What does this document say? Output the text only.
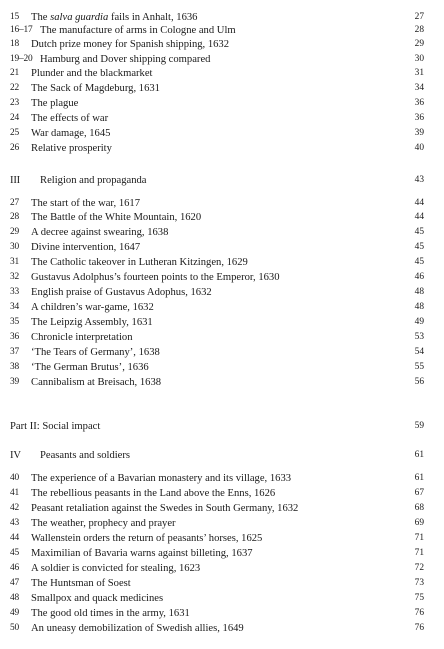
15	The salva guardia fails in Anhalt, 1636	27
16–17 The manufacture of arms in Cologne and Ulm	28
18	Dutch prize money for Spanish shipping, 1632	29
19–20 Hamburg and Dover shipping compared	30
21	Plunder and the blackmarket	31
22	The Sack of Magdeburg, 1631	34
23	The plague	36
24	The effects of war	36
25	War damage, 1645	39
26	Relative prosperity	40
III	Religion and propaganda	43
27	The start of the war, 1617	44
28	The Battle of the White Mountain, 1620	44
29	A decree against swearing, 1638	45
30	Divine intervention, 1647	45
31	The Catholic takeover in Lutheran Kitzingen, 1629	45
32	Gustavus Adolphus’s fourteen points to the Emperor, 1630	46
33	English praise of Gustavus Adophus, 1632	48
34	A children’s war-game, 1632	48
35	The Leipzig Assembly, 1631	49
36	Chronicle interpretation	53
37	‘The Tears of Germany’, 1638	54
38	‘The German Brutus’, 1636	55
39	Cannibalism at Breisach, 1638	56
Part II: Social impact	59
IV	Peasants and soldiers	61
40	The experience of a Bavarian monastery and its village, 1633	61
41	The rebellious peasants in the Land above the Enns, 1626	67
42	Peasant retaliation against the Swedes in South Germany, 1632	68
43	The weather, prophecy and prayer	69
44	Wallenstein orders the return of peasants’ horses, 1625	71
45	Maximilian of Bavaria warns against billeting, 1637	71
46	A soldier is convicted for stealing, 1623	72
47	The Huntsman of Soest	73
48	Smallpox and quack medicines	75
49	The good old times in the army, 1631	76
50	An uneasy demobilization of Swedish allies, 1649	76
